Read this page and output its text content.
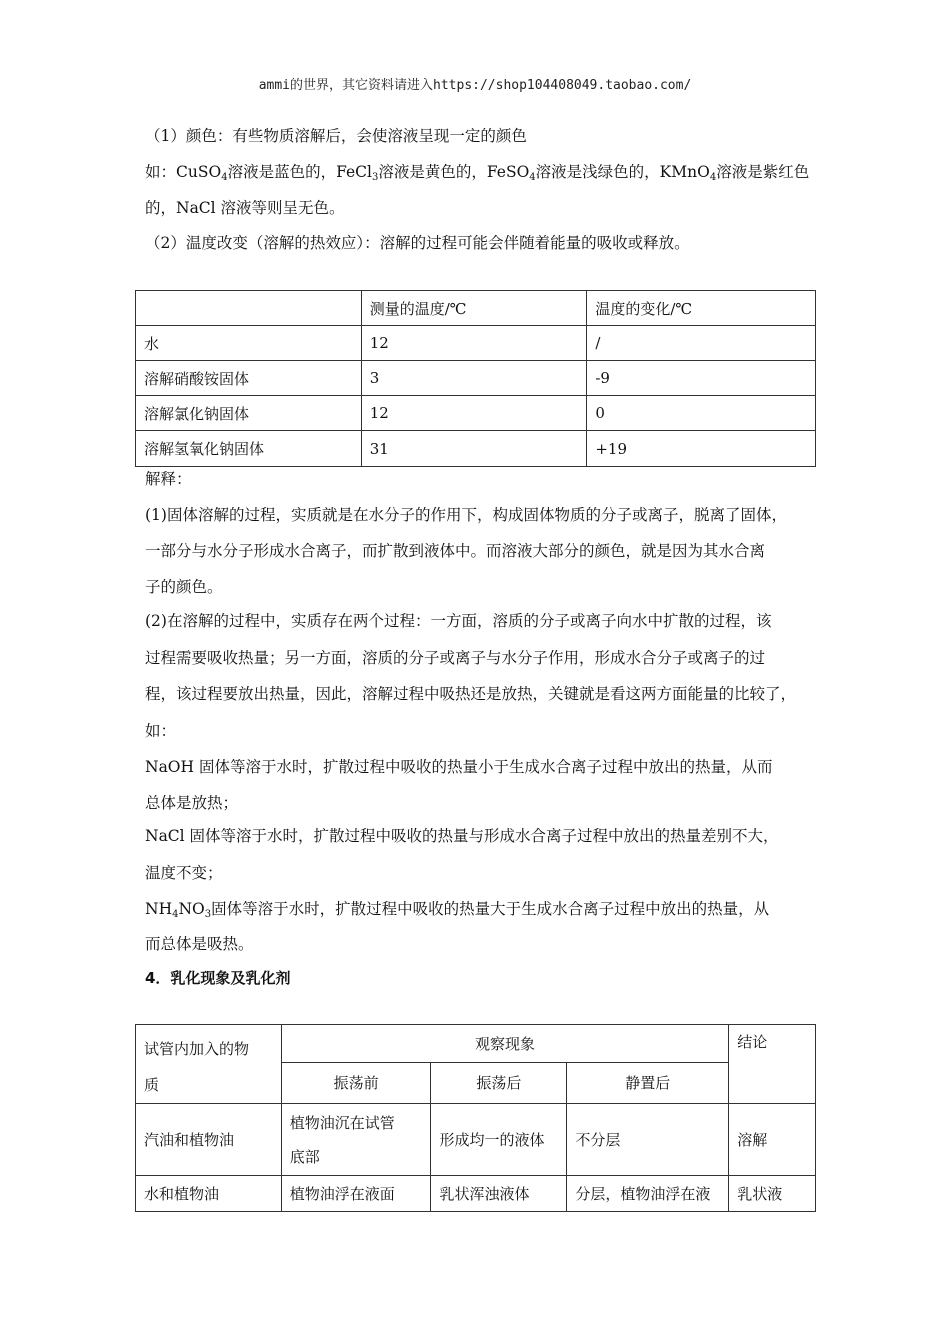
ammi的世界，其它资料请进入https://shop104408049.taobao.com/
（1）颜色：有些物质溶解后，会使溶液呈现一定的颜色
如：CuSO$_4$溶液是蓝色的，FeCl$_3$溶液是黄色的，FeSO$_4$溶液是浅绿色的，KMnO$_4$溶液是紫红色
的，NaCl 溶液等则呈无色。
（2）温度改变（溶解的热效应）：溶解的过程可能会伴随着能量的吸收或释放。
	测量的温度/℃	温度的变化/℃
水	12	/
溶解硝酸铵固体	3	-9
溶解氯化钠固体	12	0
溶解氢氧化钠固体	31	+19
解释：
(1)固体溶解的过程，实质就是在水分子的作用下，构成固体物质的分子或离子，脱离了固体，
一部分与水分子形成水合离子，而扩散到液体中。而溶液大部分的颜色，就是因为其水合离
子的颜色。
(2)在溶解的过程中，实质存在两个过程：一方面，溶质的分子或离子向水中扩散的过程，该
过程需要吸收热量；另一方面，溶质的分子或离子与水分子作用，形成水合分子或离子的过
程，该过程要放出热量，因此，溶解过程中吸热还是放热，关键就是看这两方面能量的比较了，
如：
NaOH 固体等溶于水时，扩散过程中吸收的热量小于生成水合离子过程中放出的热量，从而
总体是放热；
NaCl 固体等溶于水时，扩散过程中吸收的热量与形成水合离子过程中放出的热量差别不大，
温度不变；
$NH_4NO_3$固体等溶于水时，扩散过程中吸收的热量大于生成水合离子过程中放出的热量，从
而总体是吸热。
4．乳化现象及乳化剂
试管内加入的物
质	观察现象			结论
	振荡前	振荡后	静置后	
汽油和植物油	植物油沉在试管
底部	形成均一的液体	不分层	溶解
水和植物油	植物油浮在液面	乳状浑浊液体	分层，植物油浮在液	乳状液
